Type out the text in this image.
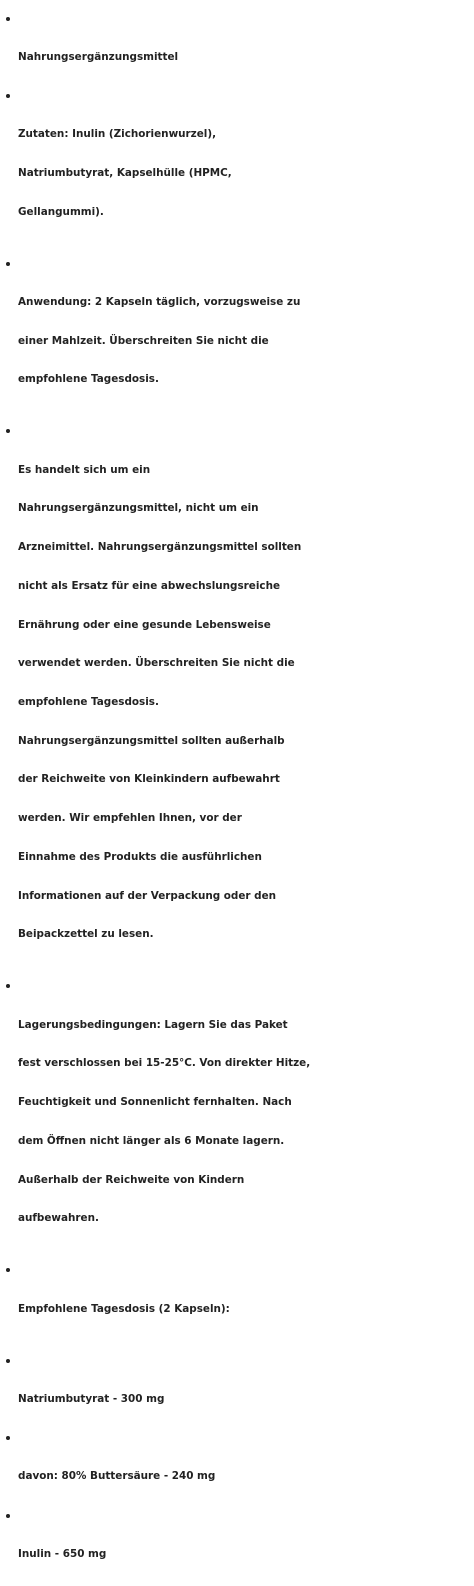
Nahrungsergänzungsmittel

Zutaten: Inulin (Zichorienwurzel),

Natriumbutyrat, Kapselhülle (HPMC,

Gellangummi).

Anwendung: 2 Kapseln täglich, vorzugsweise zu

einer Mahlzeit. Überschreiten Sie nicht die

empfohlene Tagesdosis.

Es handelt sich um ein

Nahrungsergänzungsmittel, nicht um ein

Arzneimittel. Nahrungsergänzungsmittel sollten

nicht als Ersatz für eine abwechslungsreiche

Ernährung oder eine gesunde Lebensweise

verwendet werden. Überschreiten Sie nicht die

empfohlene Tagesdosis.

Nahrungsergänzungsmittel sollten außerhalb

der Reichweite von Kleinkindern aufbewahrt

werden. Wir empfehlen Ihnen, vor der

Einnahme des Produkts die ausführlichen

Informationen auf der Verpackung oder den

Beipackzettel zu lesen.

Lagerungsbedingungen: Lagern Sie das Paket

fest verschlossen bei 15-25°C. Von direkter Hitze,

Feuchtigkeit und Sonnenlicht fernhalten. Nach

dem Öffnen nicht länger als 6 Monate lagern.

Außerhalb der Reichweite von Kindern

aufbewahren.

Empfohlene Tagesdosis (2 Kapseln):

Natriumbutyrat - 300 mg

davon: 80% Buttersäure - 240 mg

Inulin - 650 mg
